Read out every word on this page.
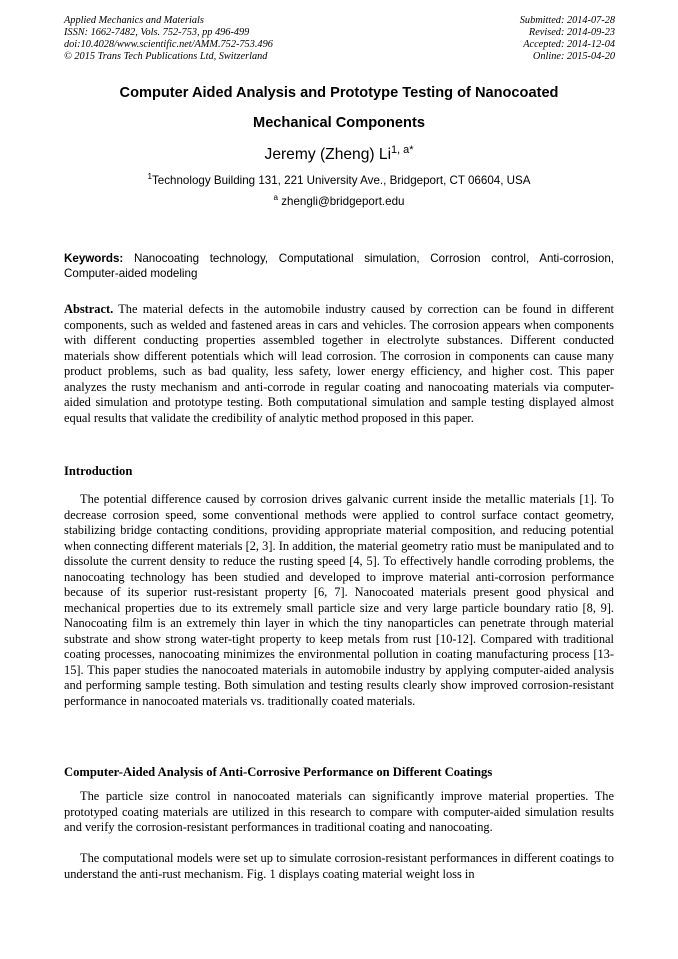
Applied Mechanics and Materials
ISSN: 1662-7482, Vols. 752-753, pp 496-499
doi:10.4028/www.scientific.net/AMM.752-753.496
© 2015 Trans Tech Publications Ltd, Switzerland
Submitted: 2014-07-28
Revised: 2014-09-23
Accepted: 2014-12-04
Online: 2015-04-20
Computer Aided Analysis and Prototype Testing of Nanocoated
Mechanical Components
Jeremy (Zheng) $Li^{1, a*}$
$^1$Technology Building 131, 221 University Ave., Bridgeport, CT 06604, USA
$^a$ zhengli@bridgeport.edu
Keywords: Nanocoating technology, Computational simulation, Corrosion control, Anti-corrosion, Computer-aided modeling
Abstract. The material defects in the automobile industry caused by correction can be found in different components, such as welded and fastened areas in cars and vehicles. The corrosion appears when components with different conducting properties assembled together in electrolyte substances. Different conducted materials show different potentials which will lead corrosion. The corrosion in components can cause many product problems, such as bad quality, less safety, lower energy efficiency, and higher cost. This paper analyzes the rusty mechanism and anti-corrode in regular coating and nanocoating materials via computer-aided simulation and prototype testing. Both computational simulation and sample testing displayed almost equal results that validate the credibility of analytic method proposed in this paper.
Introduction
The potential difference caused by corrosion drives galvanic current inside the metallic materials [1]. To decrease corrosion speed, some conventional methods were applied to control surface contact geometry, stabilizing bridge contacting conditions, providing appropriate material composition, and reducing potential when connecting different materials [2, 3]. In addition, the material geometry ratio must be manipulated and to dissolute the current density to reduce the rusting speed [4, 5]. To effectively handle corroding problems, the nanocoating technology has been studied and developed to improve material anti-corrosion performance because of its superior rust-resistant property [6, 7]. Nanocoated materials present good physical and mechanical properties due to its extremely small particle size and very large particle boundary ratio [8, 9]. Nanocoating film is an extremely thin layer in which the tiny nanoparticles can penetrate through material substrate and show strong water-tight property to keep metals from rust [10-12]. Compared with traditional coating processes, nanocoating minimizes the environmental pollution in coating manufacturing process [13-15]. This paper studies the nanocoated materials in automobile industry by applying computer-aided analysis and performing sample testing. Both simulation and testing results clearly show improved corrosion-resistant performance in nanocoated materials vs. traditionally coated materials.
Computer-Aided Analysis of Anti-Corrosive Performance on Different Coatings
The particle size control in nanocoated materials can significantly improve material properties. The prototyped coating materials are utilized in this research to compare with computer-aided simulation results and verify the corrosion-resistant performances in traditional coating and nanocoating.
The computational models were set up to simulate corrosion-resistant performances in different coatings to understand the anti-rust mechanism. Fig. 1 displays coating material weight loss in
